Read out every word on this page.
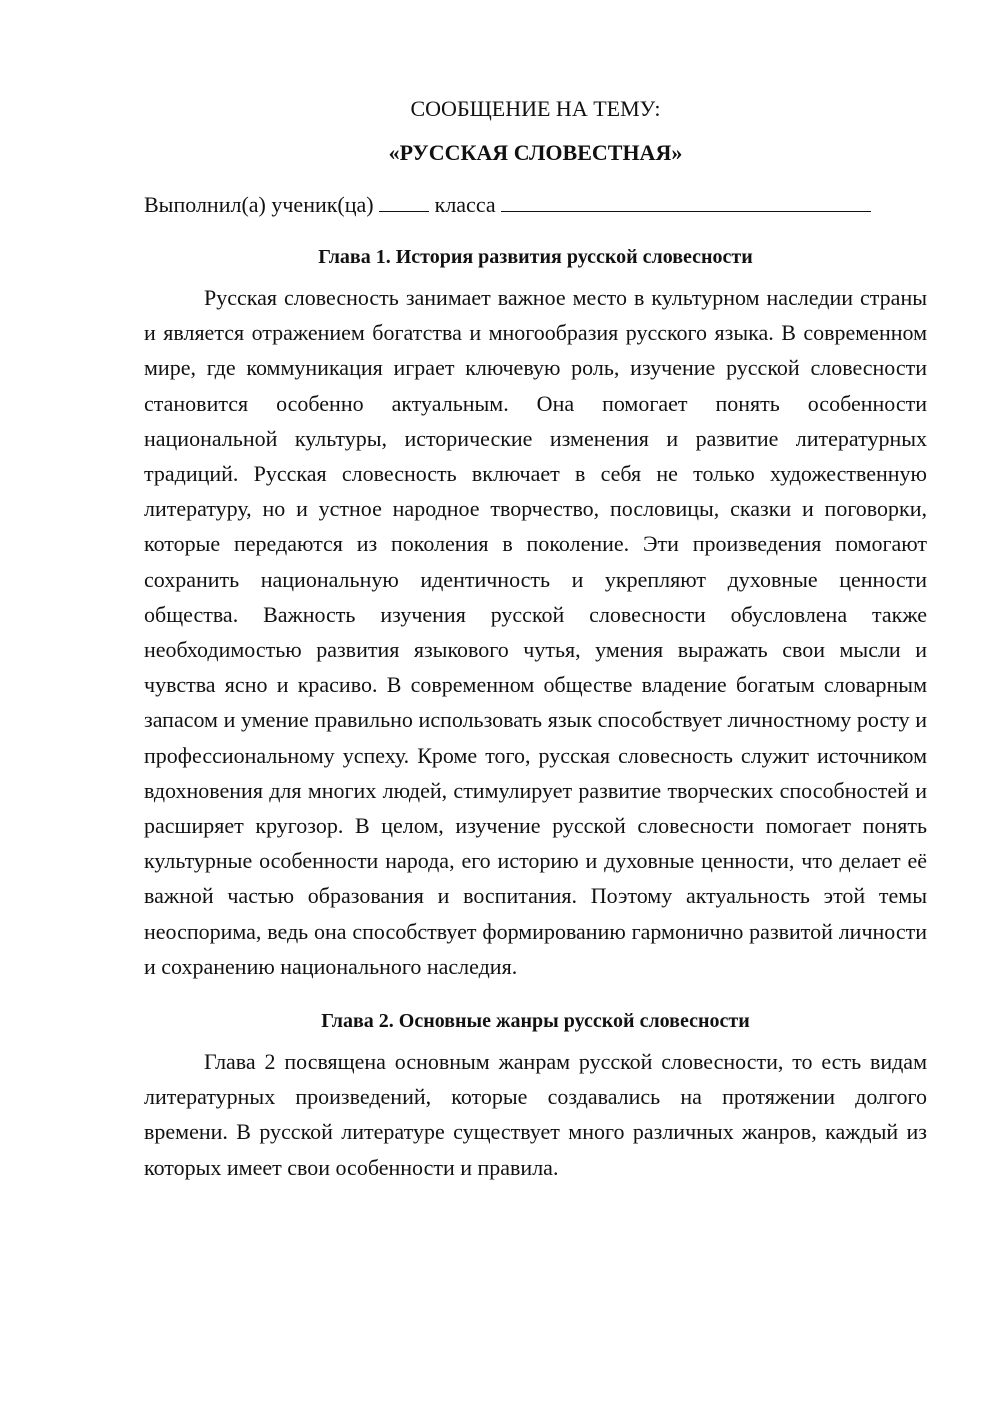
СООБЩЕНИЕ НА ТЕМУ:
«РУССКАЯ СЛОВЕСТНАЯ»
Выполнил(а) ученик(ца)	класса
Глава 1. История развития русской словесности

Русская словесность занимает важное место в культурном наследии страны и является отражением богатства и многообразия русского языка. В современном мире, где коммуникация играет ключевую роль, изучение русской словесности становится особенно актуальным. Она помогает понять особенности национальной культуры, исторические изменения и развитие литературных традиций. Русская словесность включает в себя не только художественную литературу, но и устное народное творчество, пословицы, сказки и поговорки, которые передаются из поколения в поколение. Эти произведения помогают сохранить национальную идентичность и укрепляют духовные ценности общества. Важность изучения русской словесности обусловлена также необходимостью развития языкового чутья, умения выражать свои мысли и чувства ясно и красиво. В современном обществе владение богатым словарным запасом и умение правильно использовать язык способствует личностному росту и профессиональному успеху. Кроме того, русская словесность служит источником вдохновения для многих людей, стимулирует развитие творческих способностей и расширяет кругозор. В целом, изучение русской словесности помогает понять культурные особенности народа, его историю и духовные ценности, что делает её важной частью образования и воспитания. Поэтому актуальность этой темы неоспорима, ведь она способствует формированию гармонично развитой личности и сохранению национального наследия.

Глава 2. Основные жанры русской словесности

Глава 2 посвящена основным жанрам русской словесности, то есть видам литературных произведений, которые создавались на протяжении долгого времени. В русской литературе существует много различных жанров, каждый из которых имеет свои особенности и правила.
